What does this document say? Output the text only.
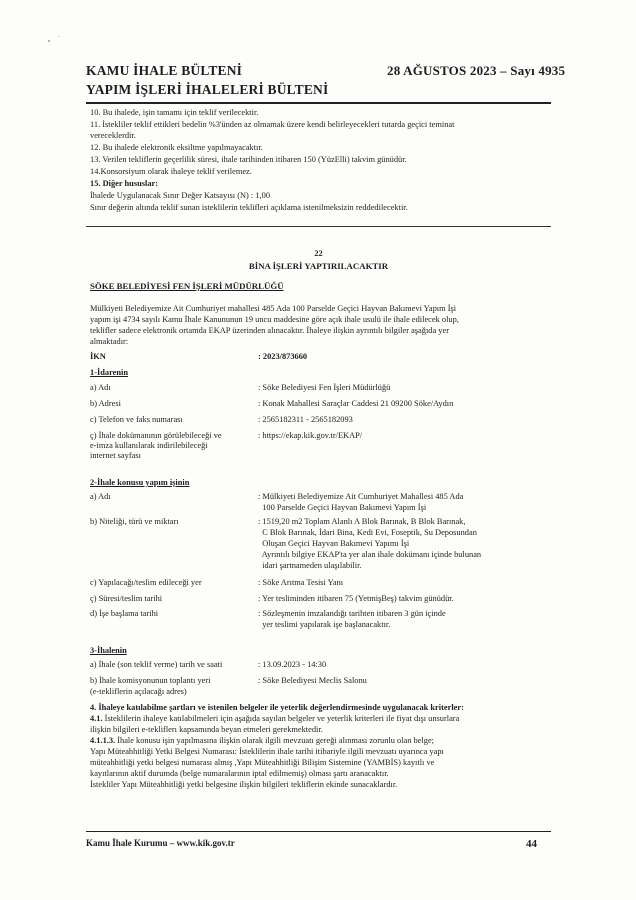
KAMU İHALE BÜLTENİ
YAPIM İŞLERİ İHALELERİ BÜLTENİ
28 AĞUSTOS 2023 – Sayı 4935
10. Bu ihalede, işin tamamı için teklif verilecektir.
11. İstekliler teklif ettikleri bedelin %3'ünden az olmamak üzere kendi belirleyecekleri tutarda geçici teminat
vereceklerdir.
12. Bu ihalede elektronik eksiltme yapılmayacaktır.
13. Verilen tekliflerin geçerlilik süresi, ihale tarihinden itibaren 150 (YüzElli) takvim günüdür.
14.Konsorsiyum olarak ihaleye teklif verilemez.
15. Diğer hususlar:
İhalede Uygulanacak Sınır Değer Katsayısı (N) : 1,00
Sınır değerin altında teklif sunan isteklilerin teklifleri açıklama istenilmeksizin reddedilecektir.
22
BİNA İŞLERİ YAPTIRILACAKTIR
SÖKE BELEDİYESİ FEN İŞLERİ MÜDÜRLÜĞÜ
Mülkiyeti Belediyemize Ait Cumhuriyet mahallesi 485 Ada 100 Parselde Geçici Hayvan Bakımevi Yapım İşi
yapım işi 4734 sayılı Kamu İhale Kanununun 19 uncu maddesine göre açık ihale usulü ile ihale edilecek olup,
teklifler sadece elektronik ortamda EKAP üzerinden alınacaktır. İhaleye ilişkin ayrıntılı bilgiler aşağıda yer
almaktadır:
İKN	: 2023/873660
1-İdarenin
a) Adı	: Söke Belediyesi Fen İşleri Müdürlüğü
b) Adresi	: Konak Mahallesi Saraçlar Caddesi 21 09200 Söke/Aydın
c) Telefon ve faks numarası	: 2565182311 - 2565182093
ç) İhale dokümanının görülebileceği ve	: https://ekap.kik.gov.tr/EKAP/
e-imza kullanılarak indirilebileceği
internet sayfası
2-İhale konusu yapım işinin
a) Adı	: Mülkiyeti Belediyemize Ait Cumhuriyet Mahallesi 485 Ada
100 Parselde Geçici Hayvan Bakımevi Yapım İşi
b) Niteliği, türü ve miktarı	: 1519,20 m2 Toplam Alanlı A Blok Barınak, B Blok Barınak,
C Blok Barınak, İdari Bina, Kedi Evi, Foseptik, Su Deposundan
Oluşan Geçici Hayvan Bakımevi Yapımı İşi
Ayrıntılı bilgiye EKAP'ta yer alan ihale dokümanı içinde bulunan
idari şartnameden ulaşılabilir.
c) Yapılacağı/teslim edileceği yer	: Söke Arıtma Tesisi Yanı
ç) Süresi/teslim tarihi	: Yer tesliminden itibaren 75 (YetmişBeş) takvim günüdür.
d) İşe başlama tarihi	: Sözleşmenin imzalandığı tarihten itibaren 3 gün içinde
yer teslimi yapılarak işe başlanacaktır.
3-İhalenin
a) İhale (son teklif verme) tarih ve saati	: 13.09.2023 - 14:30
b) İhale komisyonunun toplantı yeri	: Söke Belediyesi Meclis Salonu
(e-tekliflerin açılacağı adres)
4. İhaleye katılabilme şartları ve istenilen belgeler ile yeterlik değerlendirmesinde uygulanacak kriterler:
4.1. İsteklilerin ihaleye katılabilmeleri için aşağıda sayılan belgeler ve yeterlik kriterleri ile fiyat dışı unsurlara
ilişkin bilgileri e-tekliflerı kapsamında beyan etmeleri gerekmektedir.
4.1.1.3. İhale konusu işin yapılmasına ilişkin olarak ilgili mevzuatı gereği alınması zorunlu olan belge;
Yapı Müteahhitliği Yetki Belgesi Numarası: İsteklilerin ihale tarihi itibariyle ilgili mevzuatı uyarınca yapı
müteahhitliği yetki belgesi numarası almış ,Yapı Müteahhitliği Bilişim Sistemine (YAMBİS) kayıtlı ve
kayıtlarının aktif durumda (belge numaralarının iptal edilmemiş) olması şartı aranacaktır.
İstekliler Yapı Müteahhitliği yetki belgesine ilişkin bilgileri tekliflerin ekinde sunacaklardır.
Kamu İhale Kurumu – www.kik.gov.tr	44
